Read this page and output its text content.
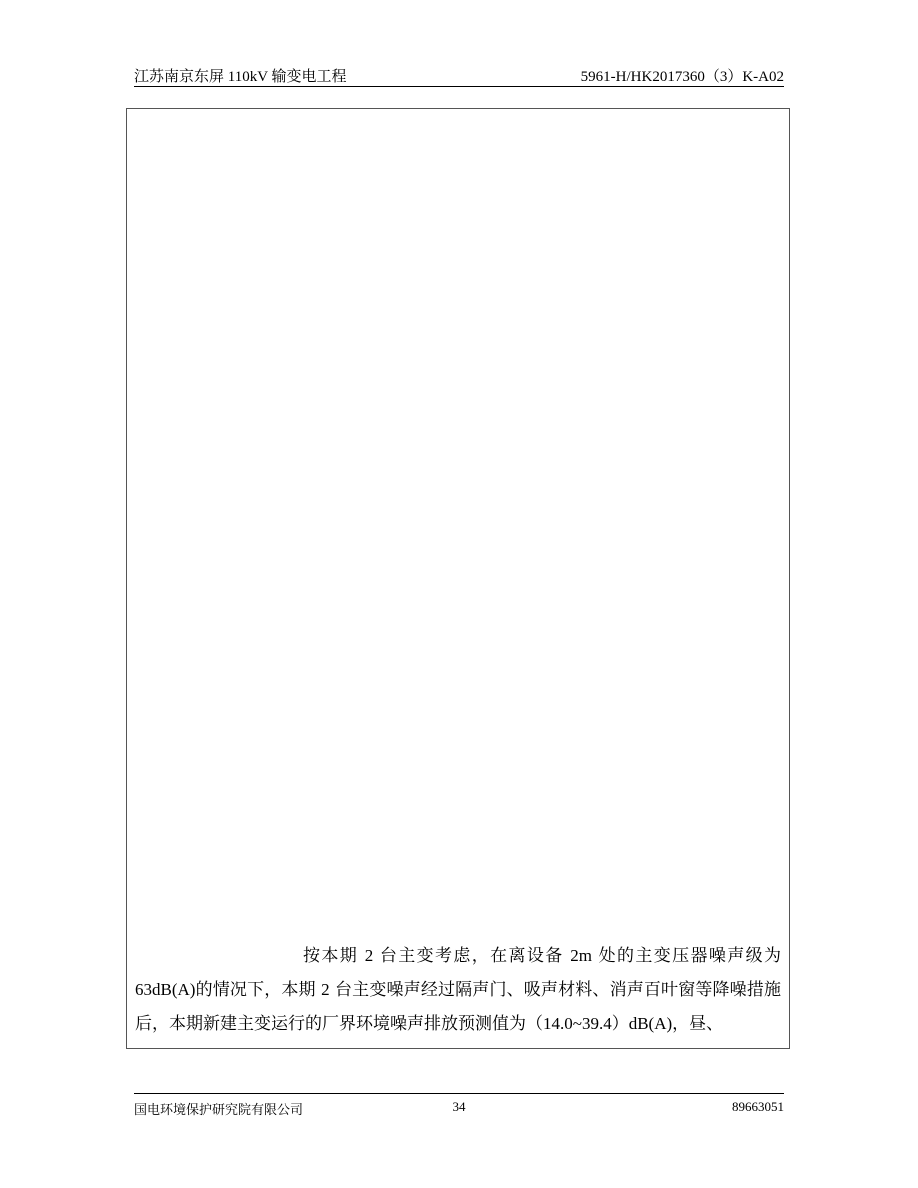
江苏南京东屏 110kV 输变电工程	5961-H/HK2017360（3）K-A02
按本期 2 台主变考虑，在离设备 2m 处的主变压器噪声级为 63dB(A)的情况下，本期 2 台主变噪声经过隔声门、吸声材料、消声百叶窗等降噪措施后，本期新建主变运行的厂界环境噪声排放预测值为（14.0~39.4）dB(A)，昼、
国电环境保护研究院有限公司	34	89663051
